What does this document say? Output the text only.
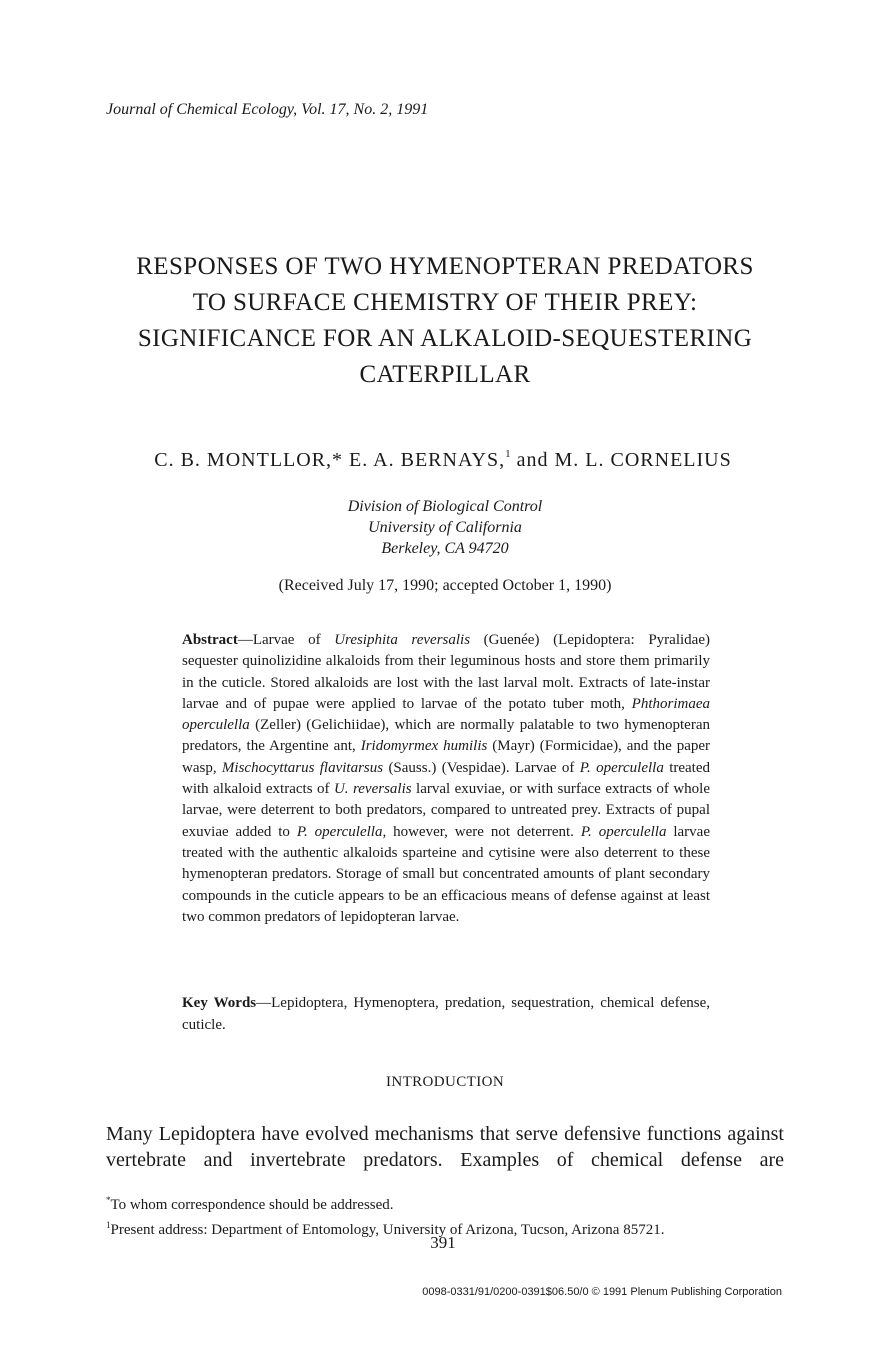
Journal of Chemical Ecology, Vol. 17, No. 2, 1991
RESPONSES OF TWO HYMENOPTERAN PREDATORS
TO SURFACE CHEMISTRY OF THEIR PREY:
SIGNIFICANCE FOR AN ALKALOID-SEQUESTERING
CATERPILLAR
C. B. MONTLLOR,* E. A. BERNAYS,$^1$ and M. L. CORNELIUS
Division of Biological Control
University of California
Berkeley, CA 94720
(Received July 17, 1990; accepted October 1, 1990)
Abstract—Larvae of Uresiphita reversalis (Guenée) (Lepidoptera: Pyralidae) sequester quinolizidine alkaloids from their leguminous hosts and store them primarily in the cuticle. Stored alkaloids are lost with the last larval molt. Extracts of late-instar larvae and of pupae were applied to larvae of the potato tuber moth, Phthorimaea operculella (Zeller) (Gelichiidae), which are normally palatable to two hymenopteran predators, the Argentine ant, Iridomyrmex humilis (Mayr) (Formicidae), and the paper wasp, Mischocyttarus flavitarsus (Sauss.) (Vespidae). Larvae of P. operculella treated with alkaloid extracts of U. reversalis larval exuviae, or with surface extracts of whole larvae, were deterrent to both predators, compared to untreated prey. Extracts of pupal exuviae added to P. operculella, however, were not deterrent. P. operculella larvae treated with the authentic alkaloids sparteine and cytisine were also deterrent to these hymenopteran predators. Storage of small but concentrated amounts of plant secondary compounds in the cuticle appears to be an efficacious means of defense against at least two common predators of lepidopteran larvae.
Key Words—Lepidoptera, Hymenoptera, predation, sequestration, chemical defense, cuticle.
INTRODUCTION
Many Lepidoptera have evolved mechanisms that serve defensive functions against vertebrate and invertebrate predators. Examples of chemical defense are
*To whom correspondence should be addressed.
$^1$Present address: Department of Entomology, University of Arizona, Tucson, Arizona 85721.
391
0098-0331/91/0200-0391$06.50/0 © 1991 Plenum Publishing Corporation
